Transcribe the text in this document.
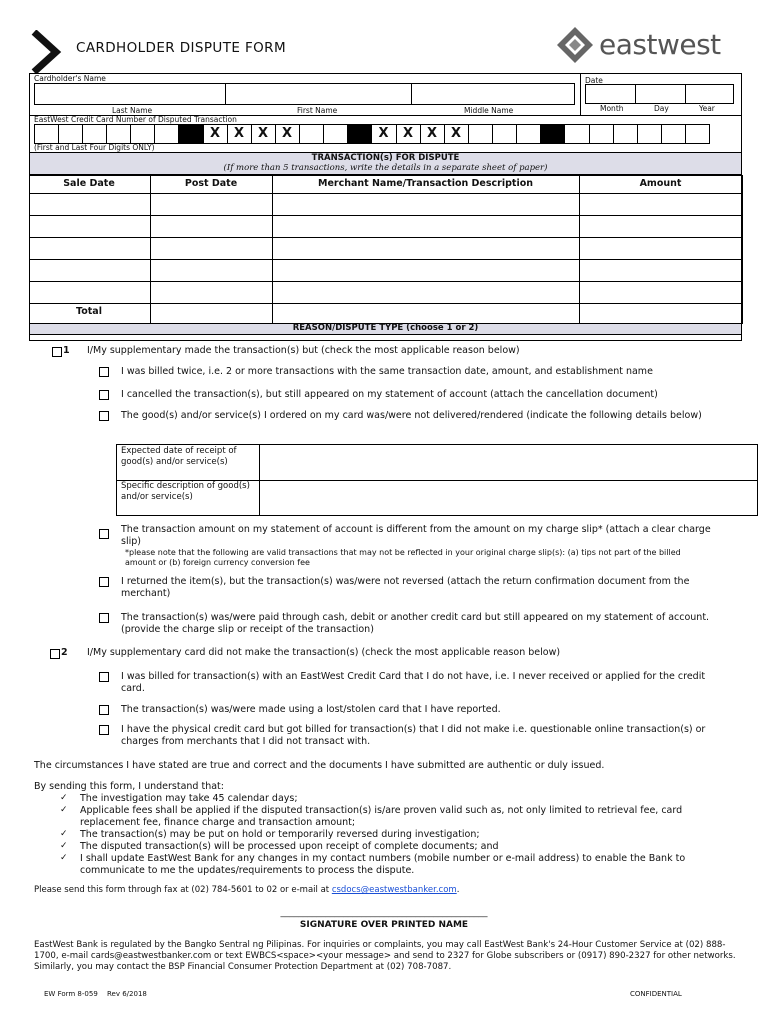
CARDHOLDER DISPUTE FORM	eastwest
Cardholder's Name
Last Name	First Name	Middle Name
Date
Month	Day	Year
EastWest Credit Card Number of Disputed Transaction
X	X	X	X	X	X	X	X
(First and Last Four Digits ONLY)
TRANSACTION(s) FOR DISPUTE
(If more than 5 transactions, write the details in a separate sheet of paper)
Sale Date	Post Date	Merchant Name/Transaction Description	Amount
Total
REASON/DISPUTE TYPE (choose 1 or 2)
1 I/My supplementary made the transaction(s) but (check the most applicable reason below)
I was billed twice, i.e. 2 or more transactions with the same transaction date, amount, and establishment name
I cancelled the transaction(s), but still appeared on my statement of account (attach the cancellation document)
The good(s) and/or service(s) I ordered on my card was/were not delivered/rendered (indicate the following details below)
Expected date of receipt of good(s) and/or service(s)
Specific description of good(s) and/or service(s)
The transaction amount on my statement of account is different from the amount on my charge slip* (attach a clear charge slip)
*please note that the following are valid transactions that may not be reflected in your original charge slip(s): (a) tips not part of the billed amount or (b) foreign currency conversion fee
I returned the item(s), but the transaction(s) was/were not reversed (attach the return confirmation document from the merchant)
The transaction(s) was/were paid through cash, debit or another credit card but still appeared on my statement of account. (provide the charge slip or receipt of the transaction)
2 I/My supplementary card did not make the transaction(s) (check the most applicable reason below)
I was billed for transaction(s) with an EastWest Credit Card that I do not have, i.e. I never received or applied for the credit card.
The transaction(s) was/were made using a lost/stolen card that I have reported.
I have the physical credit card but got billed for transaction(s) that I did not make i.e. questionable online transaction(s) or charges from merchants that I did not transact with.
The circumstances I have stated are true and correct and the documents I have submitted are authentic or duly issued.
By sending this form, I understand that:
✓ The investigation may take 45 calendar days;
✓ Applicable fees shall be applied if the disputed transaction(s) is/are proven valid such as, not only limited to retrieval fee, card replacement fee, finance charge and transaction amount;
✓ The transaction(s) may be put on hold or temporarily reversed during investigation;
✓ The disputed transaction(s) will be processed upon receipt of complete documents; and
✓ I shall update EastWest Bank for any changes in my contact numbers (mobile number or e-mail address) to enable the Bank to communicate to me the updates/requirements to process the dispute.
Please send this form through fax at (02) 784-5601 to 02 or e-mail at csdocs@eastwestbanker.com.
______________________________________________
SIGNATURE OVER PRINTED NAME
EastWest Bank is regulated by the Bangko Sentral ng Pilipinas. For inquiries or complaints, you may call EastWest Bank's 24-Hour Customer Service at (02) 888-1700, e-mail cards@eastwestbanker.com or text EWBCS<space><your message> and send to 2327 for Globe subscribers or (0917) 890-2327 for other networks. Similarly, you may contact the BSP Financial Consumer Protection Department at (02) 708-7087.
EW Form 8-059 Rev 6/2018	CONFIDENTIAL
